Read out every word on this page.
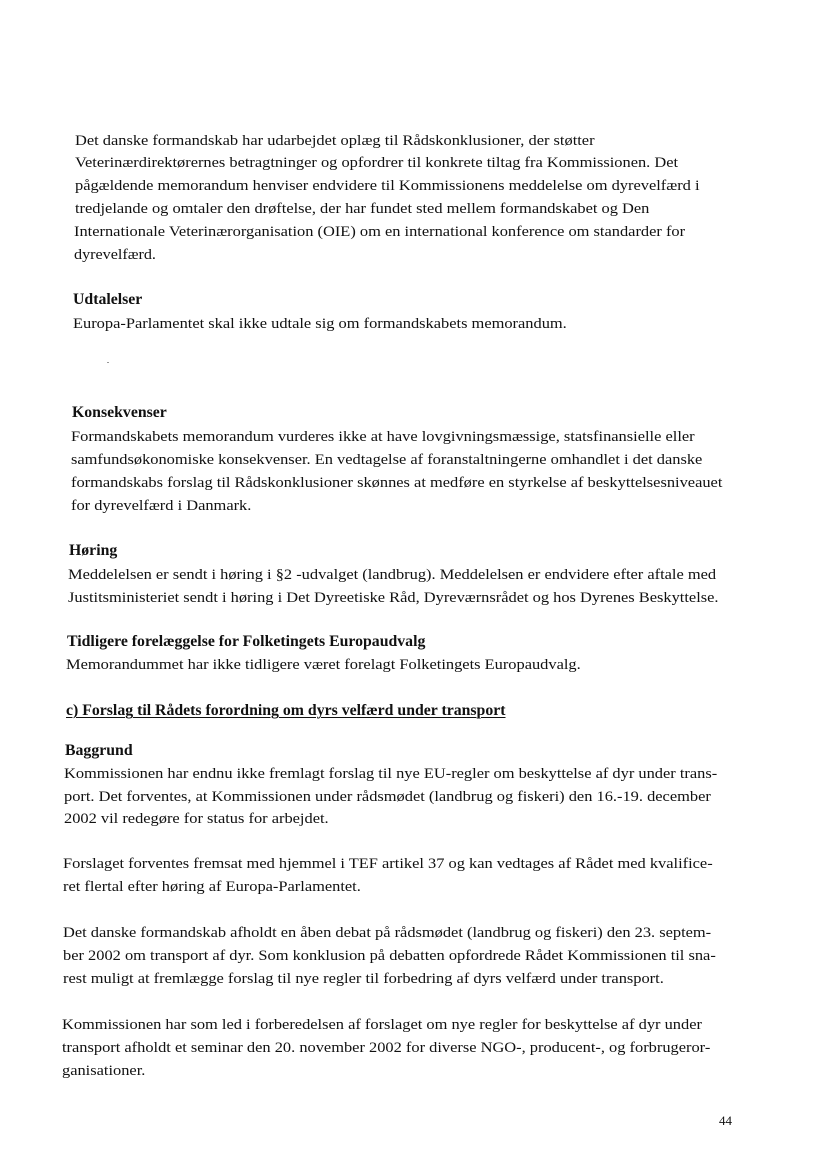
Det danske formandskab har udarbejdet oplæg til Rådskonklusioner, der støtter
Veterinærdirektørernes betragtninger og opfordrer til konkrete tiltag fra Kommissionen. Det
pågældende memorandum henviser endvidere til Kommissionens meddelelse om dyrevelfærd i
tredjelande og omtaler den drøftelse, der har fundet sted mellem formandskabet og Den
Internationale Veterinærorganisation (OIE) om en international konference om standarder for
dyrevelfærd.
Udtalelser
Europa-Parlamentet skal ikke udtale sig om formandskabets memorandum.
Konsekvenser
Formandskabets memorandum vurderes ikke at have lovgivningsmæssige, statsfinansielle eller
samfundsøkonomiske konsekvenser. En vedtagelse af foranstaltningerne omhandlet i det danske
formandskabs forslag til Rådskonklusioner skønnes at medføre en styrkelse af beskyttelsesniveauet
for dyrevelfærd i Danmark.
Høring
Meddelelsen er sendt i høring i §2 -udvalget (landbrug). Meddelelsen er endvidere efter aftale med
Justitsministeriet sendt i høring i Det Dyreetiske Råd, Dyreværnsrådet og hos Dyrenes Beskyttelse.
Tidligere forelæggelse for Folketingets Europaudvalg
Memorandummet har ikke tidligere været forelagt Folketingets Europaudvalg.
c) Forslag til Rådets forordning om dyrs velfærd under transport
Baggrund
Kommissionen har endnu ikke fremlagt forslag til nye EU-regler om beskyttelse af dyr under trans-
port. Det forventes, at Kommissionen under rådsmødet (landbrug og fiskeri) den 16.-19. december
2002 vil redegøre for status for arbejdet.
Forslaget forventes fremsat med hjemmel i TEF artikel 37 og kan vedtages af Rådet med kvalifice-
ret flertal efter høring af Europa-Parlamentet.
Det danske formandskab afholdt en åben debat på rådsmødet (landbrug og fiskeri) den 23. septem-
ber 2002 om transport af dyr. Som konklusion på debatten opfordrede Rådet Kommissionen til sna-
rest muligt at fremlægge forslag til nye regler til forbedring af dyrs velfærd under transport.
Kommissionen har som led i forberedelsen af forslaget om nye regler for beskyttelse af dyr under
transport afholdt et seminar den 20. november 2002 for diverse NGO-, producent-, og forbrugeror-
ganisationer.
44
